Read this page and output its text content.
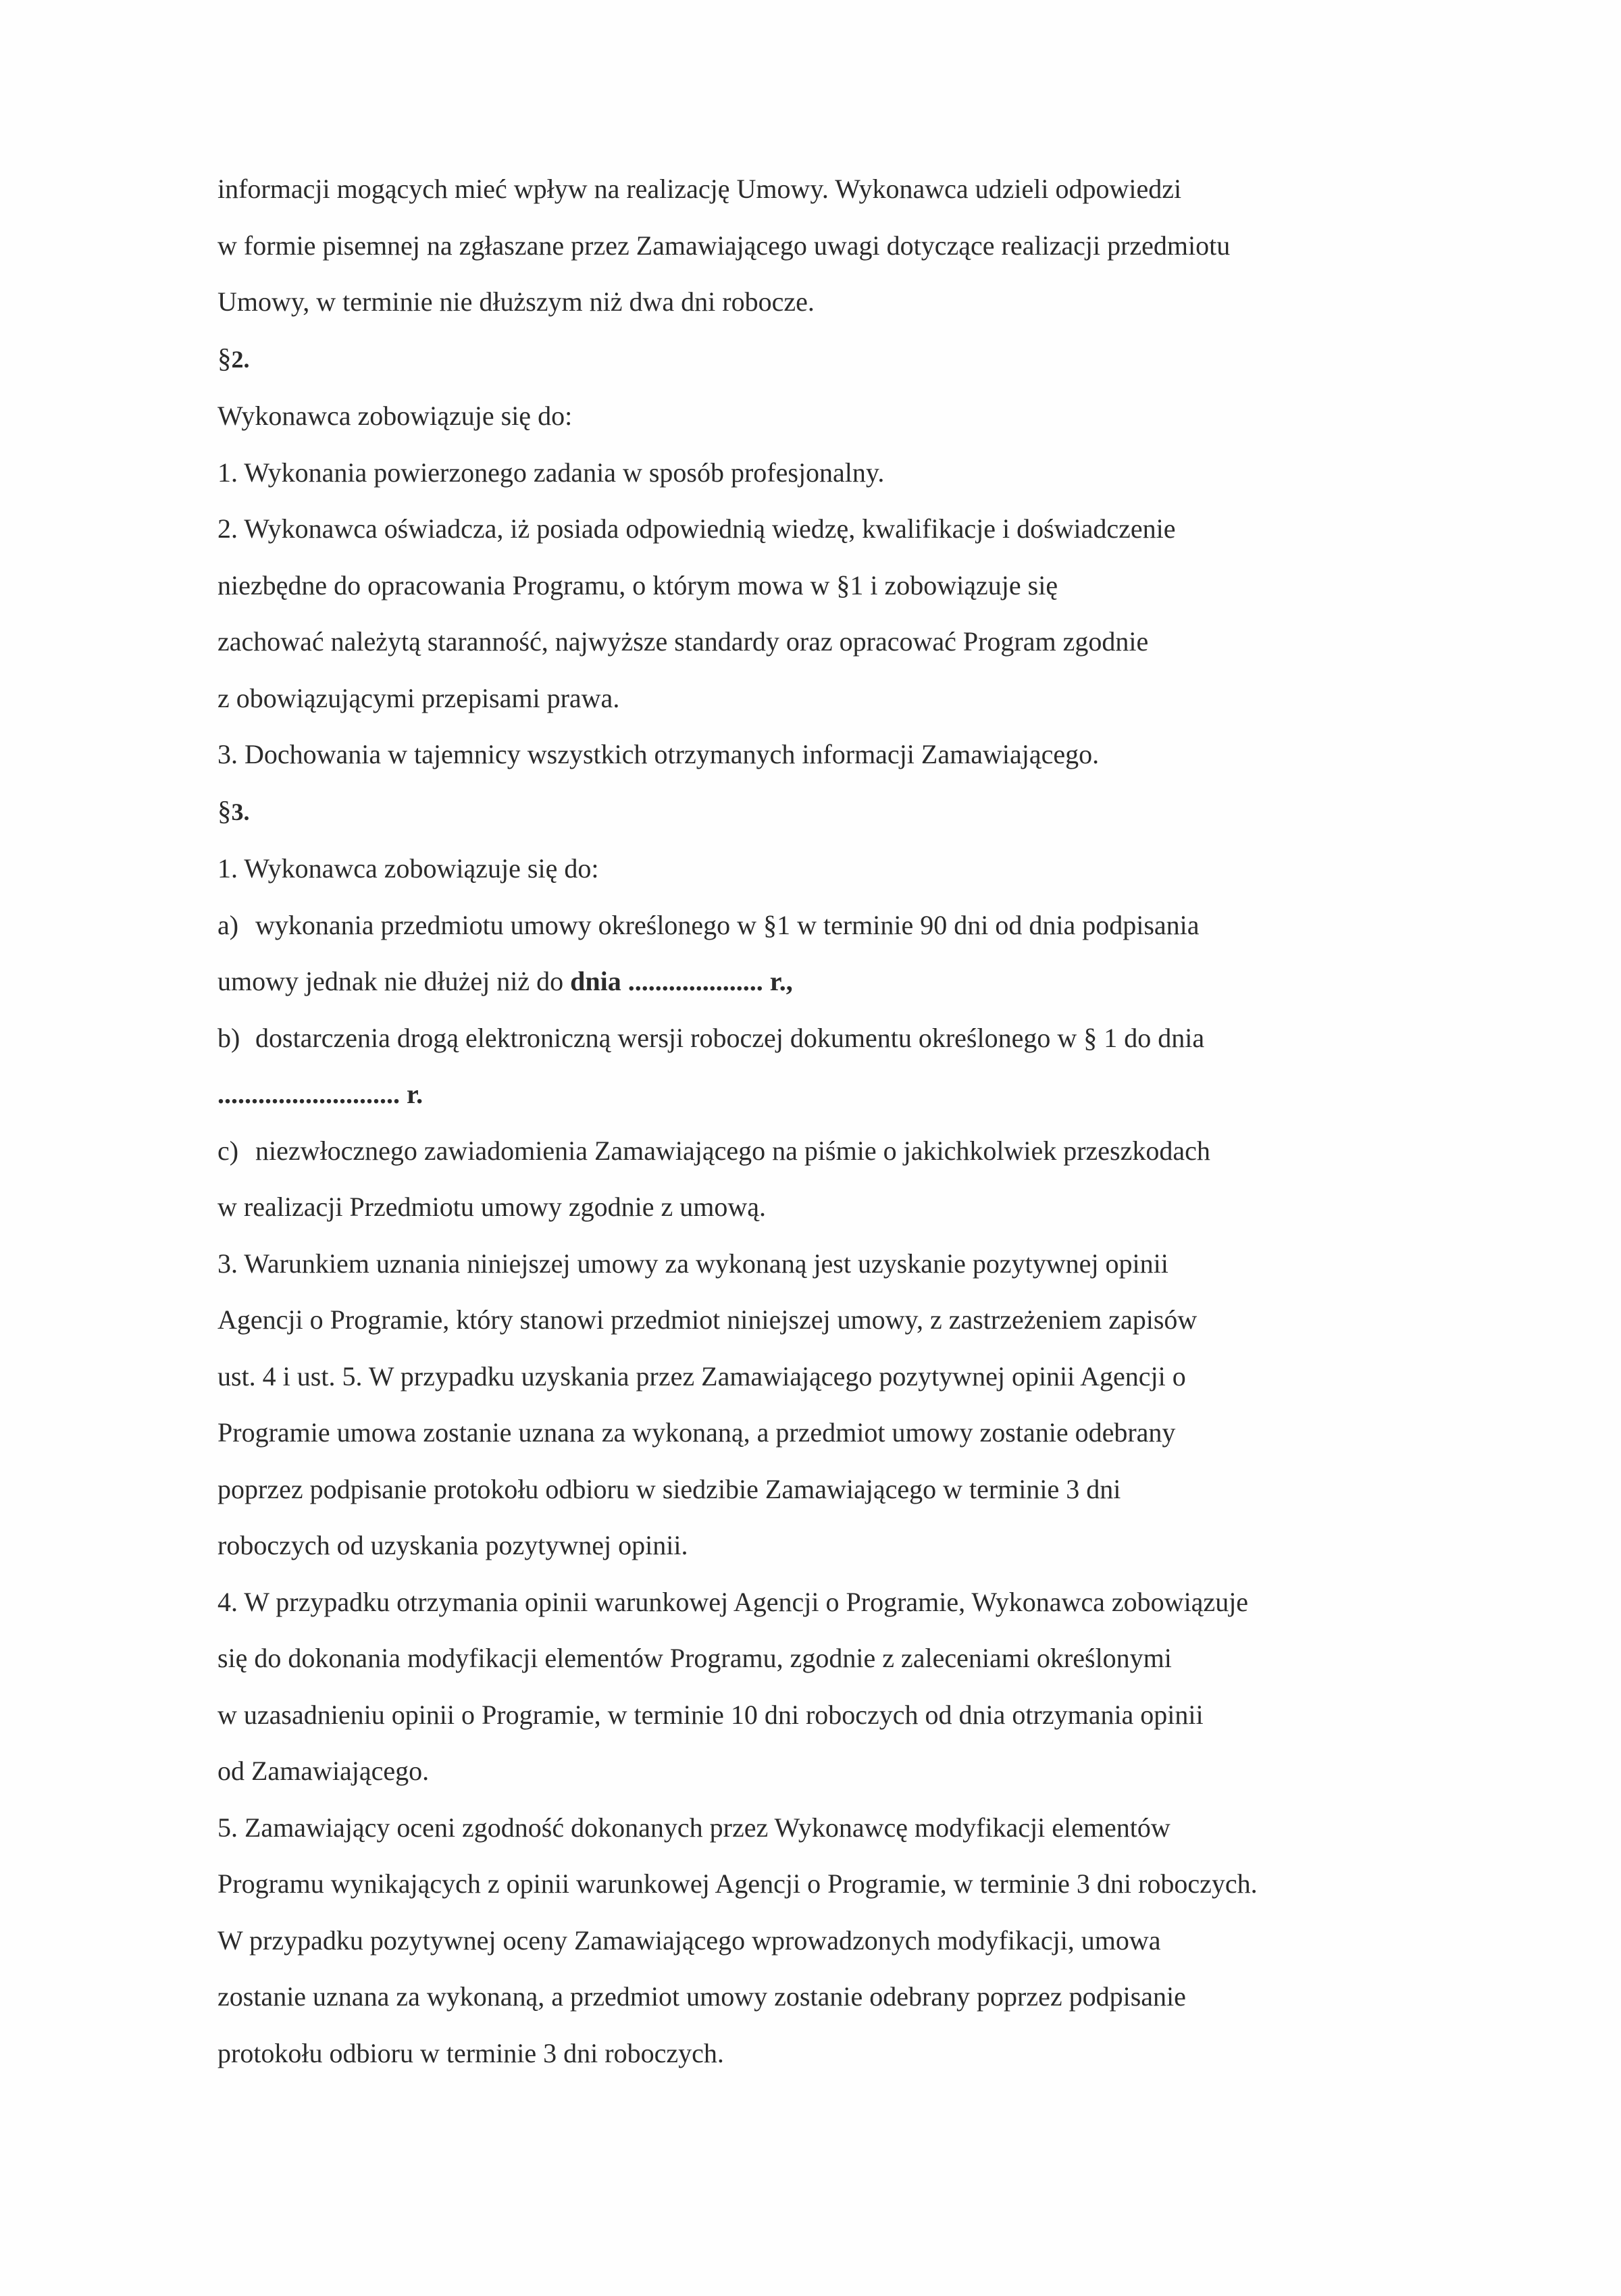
informacji mogących mieć wpływ na realizację Umowy. Wykonawca udzieli odpowiedzi

w formie pisemnej na zgłaszane przez Zamawiającego uwagi dotyczące realizacji przedmiotu

Umowy, w terminie nie dłuższym niż dwa dni robocze.

§2.

Wykonawca zobowiązuje się do:

1. Wykonania powierzonego zadania w sposób profesjonalny.

2. Wykonawca oświadcza, iż posiada odpowiednią wiedzę, kwalifikacje i doświadczenie

niezbędne do opracowania Programu, o którym mowa w §1 i zobowiązuje się

zachować należytą staranność, najwyższe standardy oraz opracować Program zgodnie

z obowiązującymi przepisami prawa.

3. Dochowania w tajemnicy wszystkich otrzymanych informacji Zamawiającego.

§3.

1. Wykonawca zobowiązuje się do:

a) wykonania przedmiotu umowy określonego w §1 w terminie 90 dni od dnia podpisania

umowy jednak nie dłużej niż do dnia .................... r.,

b) dostarczenia drogą elektroniczną wersji roboczej dokumentu określonego w § 1 do dnia

........................... r.

c) niezwłocznego zawiadomienia Zamawiającego na piśmie o jakichkolwiek przeszkodach

w realizacji Przedmiotu umowy zgodnie z umową.

3. Warunkiem uznania niniejszej umowy za wykonaną jest uzyskanie pozytywnej opinii

Agencji o Programie, który stanowi przedmiot niniejszej umowy, z zastrzeżeniem zapisów

ust. 4 i ust. 5. W przypadku uzyskania przez Zamawiającego pozytywnej opinii Agencji o

Programie umowa zostanie uznana za wykonaną, a przedmiot umowy zostanie odebrany

poprzez podpisanie protokołu odbioru w siedzibie Zamawiającego w terminie 3 dni

roboczych od uzyskania pozytywnej opinii.

4. W przypadku otrzymania opinii warunkowej Agencji o Programie, Wykonawca zobowiązuje

się do dokonania modyfikacji elementów Programu, zgodnie z zaleceniami określonymi

w uzasadnieniu opinii o Programie, w terminie 10 dni roboczych od dnia otrzymania opinii

od Zamawiającego.

5. Zamawiający oceni zgodność dokonanych przez Wykonawcę modyfikacji elementów

Programu wynikających z opinii warunkowej Agencji o Programie, w terminie 3 dni roboczych.

W przypadku pozytywnej oceny Zamawiającego wprowadzonych modyfikacji, umowa

zostanie uznana za wykonaną, a przedmiot umowy zostanie odebrany poprzez podpisanie

protokołu odbioru w terminie 3 dni roboczych.
